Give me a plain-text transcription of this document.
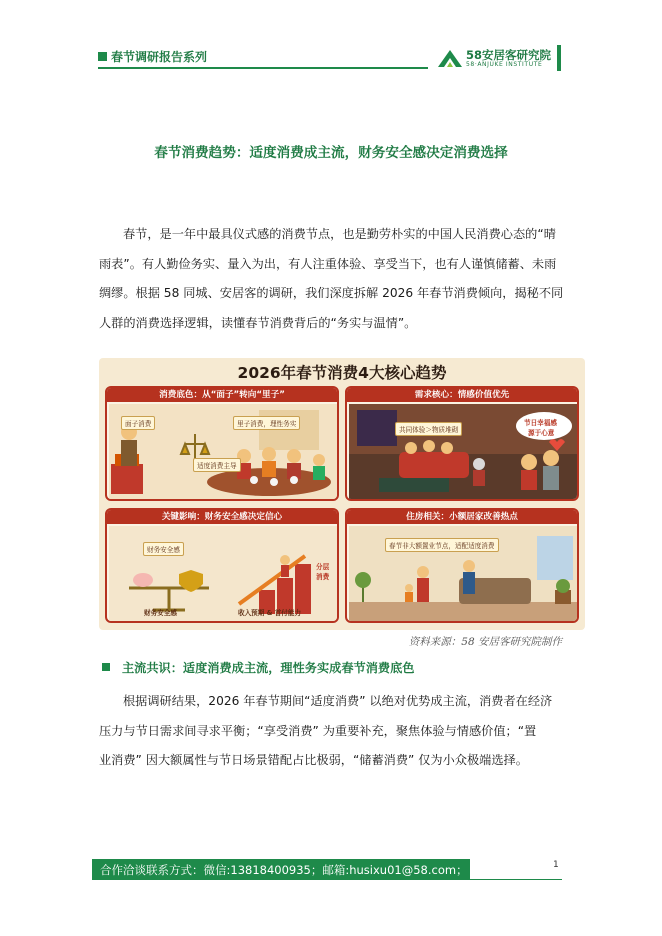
春节调研报告系列	58安居客研究院
58·ANJUKE INSTITUTE
春节消费趋势：适度消费成主流，财务安全感决定消费选择
春节，是一年中最具仪式感的消费节点，也是勤劳朴实的中国人民消费心态的“晴
雨表”。有人勤俭务实、量入为出，有人注重体验、享受当下，也有人谨慎储蓄、未雨
绸缪。根据 58 同城、安居客的调研，我们深度拆解 2026 年春节消费倾向，揭秘不同
人群的消费选择逻辑，读懂春节消费背后的“务实与温情”。
2026年春节消费4大核心趋势
消费底色：从“面子”转向“里子”
面子消费	里子消费，理性务实
适度消费主导
需求核心：情感价值优先
共同体验＞物质堆砌
节日幸福感
源于心意
关键影响：财务安全感决定信心
财务安全感
财务安全感	收入预期 & 首付能力
分层
消费
住房相关：小额居家改善热点
春节非大额置业节点，适配适度消费
资料来源：58 安居客研究院制作
主流共识：适度消费成主流，理性务实成春节消费底色
根据调研结果，2026 年春节期间“适度消费” 以绝对优势成主流，消费者在经济
压力与节日需求间寻求平衡；“享受消费” 为重要补充，聚焦体验与情感价值；“置
业消费” 因大额属性与节日场景错配占比极弱，“储蓄消费” 仅为小众极端选择。
合作洽谈联系方式：微信:13818400935；邮箱:husixu01@58.com；	1
